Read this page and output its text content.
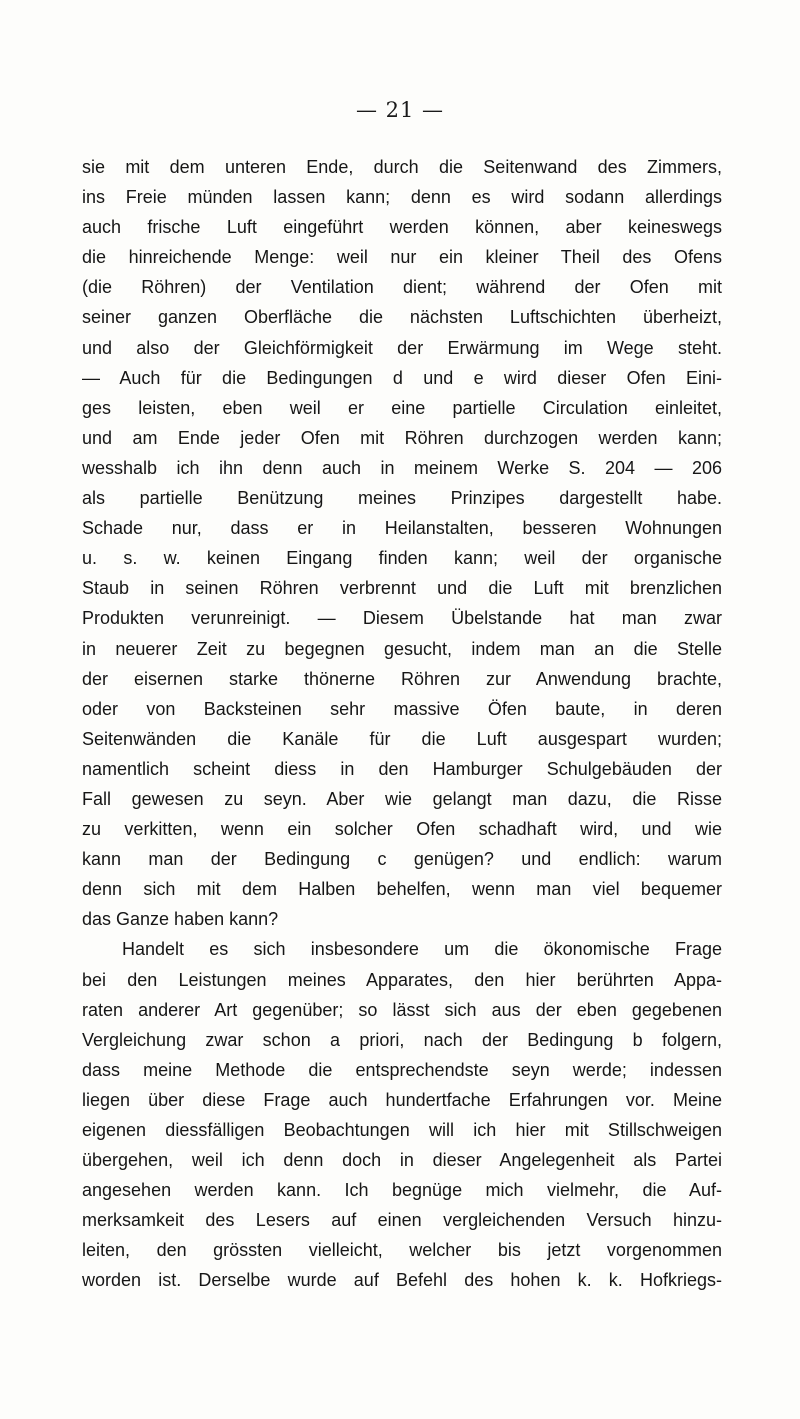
— 21 —
sie mit dem unteren Ende, durch die Seitenwand des Zimmers,
ins Freie münden lassen kann; denn es wird sodann allerdings
auch frische Luft eingeführt werden können, aber keineswegs
die hinreichende Menge: weil nur ein kleiner Theil des Ofens
(die Röhren) der Ventilation dient; während der Ofen mit
seiner ganzen Oberfläche die nächsten Luftschichten überheizt,
und also der Gleichförmigkeit der Erwärmung im Wege steht.
— Auch für die Bedingungen d und e wird dieser Ofen Eini-
ges leisten, eben weil er eine partielle Circulation einleitet,
und am Ende jeder Ofen mit Röhren durchzogen werden kann;
wesshalb ich ihn denn auch in meinem Werke S. 204 — 206
als partielle Benützung meines Prinzipes dargestellt habe.
Schade nur, dass er in Heilanstalten, besseren Wohnungen
u. s. w. keinen Eingang finden kann; weil der organische
Staub in seinen Röhren verbrennt und die Luft mit brenzlichen
Produkten verunreinigt. — Diesem Übelstande hat man zwar
in neuerer Zeit zu begegnen gesucht, indem man an die Stelle
der eisernen starke thönerne Röhren zur Anwendung brachte,
oder von Backsteinen sehr massive Öfen baute, in deren
Seitenwänden die Kanäle für die Luft ausgespart wurden;
namentlich scheint diess in den Hamburger Schulgebäuden der
Fall gewesen zu seyn. Aber wie gelangt man dazu, die Risse
zu verkitten, wenn ein solcher Ofen schadhaft wird, und wie
kann man der Bedingung c genügen? und endlich: warum
denn sich mit dem Halben behelfen, wenn man viel bequemer
das Ganze haben kann?
Handelt es sich insbesondere um die ökonomische Frage
bei den Leistungen meines Apparates, den hier berührten Appa-
raten anderer Art gegenüber; so lässt sich aus der eben gegebenen
Vergleichung zwar schon a priori, nach der Bedingung b folgern,
dass meine Methode die entsprechendste seyn werde; indessen
liegen über diese Frage auch hundertfache Erfahrungen vor. Meine
eigenen diessfälligen Beobachtungen will ich hier mit Stillschweigen
übergehen, weil ich denn doch in dieser Angelegenheit als Partei
angesehen werden kann. Ich begnüge mich vielmehr, die Auf-
merksamkeit des Lesers auf einen vergleichenden Versuch hinzu-
leiten, den grössten vielleicht, welcher bis jetzt vorgenommen
worden ist. Derselbe wurde auf Befehl des hohen k. k. Hofkriegs-
